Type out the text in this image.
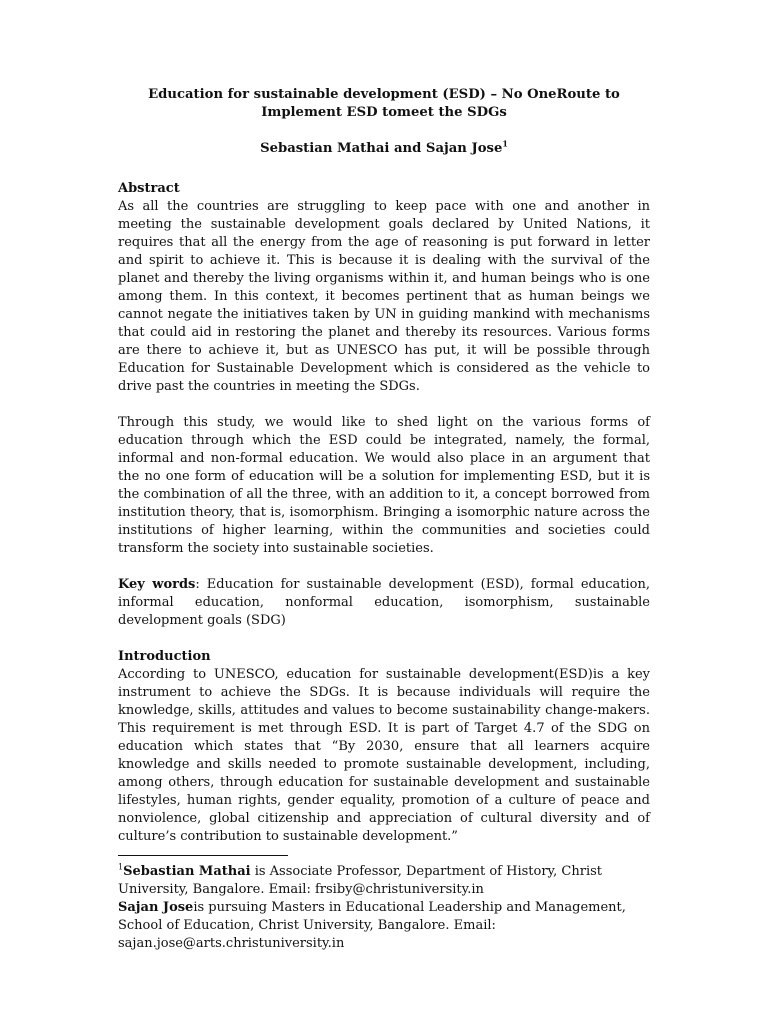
Education for sustainable development (ESD) – No OneRoute to Implement ESD tomeet the SDGs

Sebastian Mathai and Sajan Jose$^1$

Abstract

As all the countries are struggling to keep pace with one and another in meeting the sustainable development goals declared by United Nations, it requires that all the energy from the age of reasoning is put forward in letter and spirit to achieve it. This is because it is dealing with the survival of the planet and thereby the living organisms within it, and human beings who is one among them. In this context, it becomes pertinent that as human beings we cannot negate the initiatives taken by UN in guiding mankind with mechanisms that could aid in restoring the planet and thereby its resources. Various forms are there to achieve it, but as UNESCO has put, it will be possible through Education for Sustainable Development which is considered as the vehicle to drive past the countries in meeting the SDGs.

Through this study, we would like to shed light on the various forms of education through which the ESD could be integrated, namely, the formal, informal and non-formal education. We would also place in an argument that the no one form of education will be a solution for implementing ESD, but it is the combination of all the three, with an addition to it, a concept borrowed from institution theory, that is, isomorphism. Bringing a isomorphic nature across the institutions of higher learning, within the communities and societies could transform the society into sustainable societies.

Key words: Education for sustainable development (ESD), formal education, informal education, nonformal education, isomorphism, sustainable development goals (SDG)

Introduction

According to UNESCO, education for sustainable development(ESD)is a key instrument to achieve the SDGs. It is because individuals will require the knowledge, skills, attitudes and values to become sustainability change-makers. This requirement is met through ESD. It is part of Target 4.7 of the SDG on education which states that “By 2030, ensure that all learners acquire knowledge and skills needed to promote sustainable development, including, among others, through education for sustainable development and sustainable lifestyles, human rights, gender equality, promotion of a culture of peace and nonviolence, global citizenship and appreciation of cultural diversity and of culture’s contribution to sustainable development.”

$^1$Sebastian Mathai is Associate Professor, Department of History, Christ University, Bangalore. Email: frsiby@christuniversity.in

Sajan Joseis pursuing Masters in Educational Leadership and Management, School of Education, Christ University, Bangalore. Email: sajan.jose@arts.christuniversity.in
